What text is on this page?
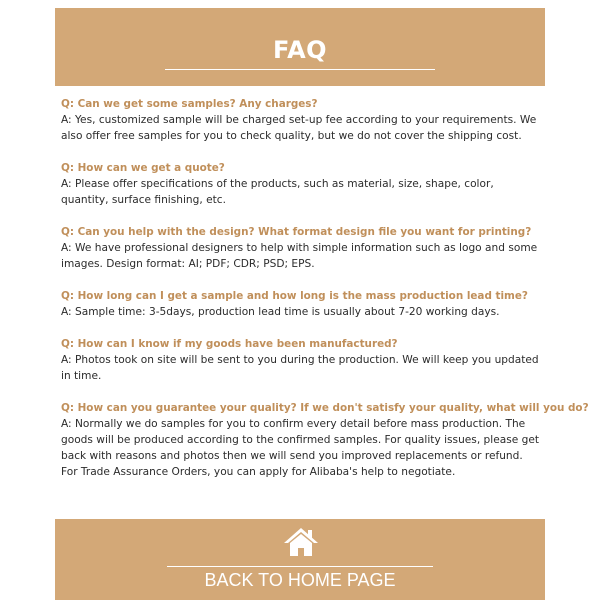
FAQ
Q: Can we get some samples? Any charges?
A: Yes, customized sample will be charged set-up fee according to your requirements. We also offer free samples for you to check quality, but we do not cover the shipping cost.
Q: How can we get a quote?
A: Please offer specifications of the products, such as material, size, shape, color, quantity, surface finishing, etc.
Q: Can you help with the design? What format design file you want for printing?
A: We have professional designers to help with simple information such as logo and some images. Design format: AI; PDF; CDR; PSD; EPS.
Q: How long can I get a sample and how long is the mass production lead time?
A: Sample time: 3-5days, production lead time is usually about 7-20 working days.
Q: How can I know if my goods have been manufactured?
A: Photos took on site will be sent to you during the production. We will keep you updated in time.
Q: How can you guarantee your quality? If we don't satisfy your quality, what will you do?
A: Normally we do samples for you to confirm every detail before mass production. The goods will be produced according to the confirmed samples. For quality issues, please get back with reasons and photos then we will send you improved replacements or refund. For Trade Assurance Orders, you can apply for Alibaba's help to negotiate.
BACK TO HOME PAGE
